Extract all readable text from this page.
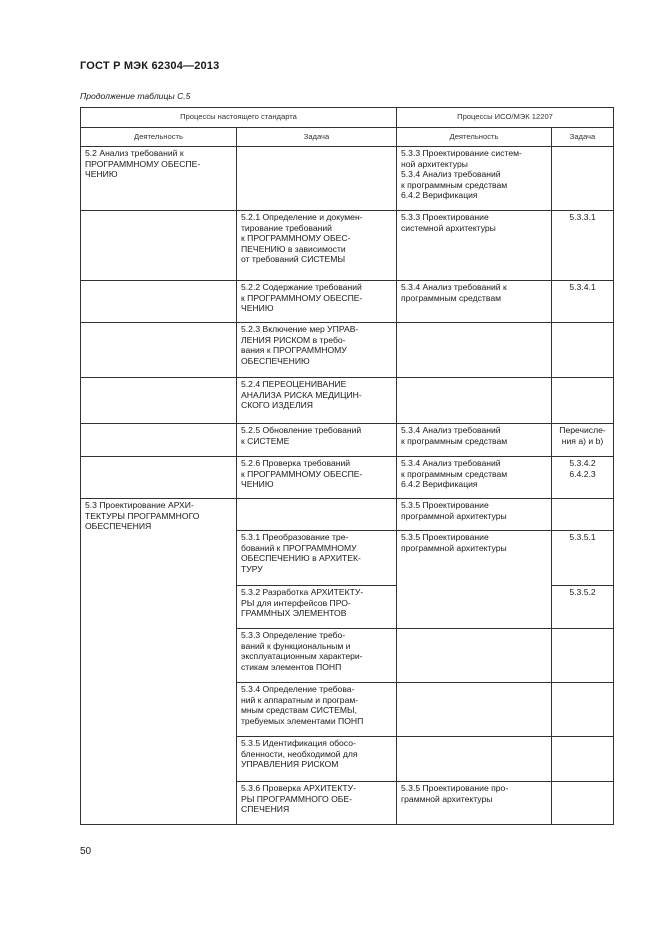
ГОСТ Р МЭК 62304—2013
Продолжение таблицы С.5
Процессы настоящего стандарта		Процессы ИСО/МЭК 12207	
Деятельность	Задача	Деятельность	Задача
5.2 Анализ требований к ПРОГРАММНОМУ ОБЕСПЕ-
ЧЕНИЮ		5.3.3 Проектирование систем-
ной архитектуры
5.3.4 Анализ требований
к программным средствам
6.4.2 Верификация	
	5.2.1 Определение и докумен-
тирование требований
к ПРОГРАММНОМУ ОБЕС-
ПЕЧЕНИЮ в зависимости
от требований СИСТЕМЫ	5.3.3 Проектирование
системной архитектуры	5.3.3.1
	5.2.2 Содержание требований
к ПРОГРАММНОМУ ОБЕСПЕ-
ЧЕНИЮ	5.3.4 Анализ требований к
программным средствам	5.3.4.1
	5.2.3 Включение мер УПРАВ-
ЛЕНИЯ РИСКОМ в требо-
вания к ПРОГРАММНОМУ
ОБЕСПЕЧЕНИЮ		
	5.2.4 ПЕРЕОЦЕНИВАНИЕ
АНАЛИЗА РИСКА МЕДИЦИН-
СКОГО ИЗДЕЛИЯ		
	5.2.5 Обновление требований
к СИСТЕМЕ	5.3.4 Анализ требований
к программным средствам	Перечисле-
ния а) и b)
	5.2.6 Проверка требований
к ПРОГРАММНОМУ ОБЕСПЕ-
ЧЕНИЮ	5.3.4 Анализ требований
к программным средствам
6.4.2 Верификация	5.3.4.2
6.4.2.3
5.3 Проектирование АРХИ-
ТЕКТУРЫ ПРОГРАММНОГО
ОБЕСПЕЧЕНИЯ		5.3.5 Проектирование
программной архитектуры	
	5.3.1 Преобразование тре-
бований к ПРОГРАММНОМУ
ОБЕСПЕЧЕНИЮ в АРХИТЕК-
ТУРУ	5.3.5 Проектирование
программной архитектуры	5.3.5.1
	5.3.2 Разработка АРХИТЕКТУ-
РЫ для интерфейсов ПРО-
ГРАММНЫХ ЭЛЕМЕНТОВ		5.3.5.2
	5.3.3 Определение требо-
ваний к функциональным и
эксплуатационным характери-
стикам элементов ПОНП		
	5.3.4 Определение требова-
ний к аппаратным и програм-
мным средствам СИСТЕМЫ,
требуемых элементами ПОНП		
	5.3.5 Идентификация обосо-
бленности, необходимой для
УПРАВЛЕНИЯ РИСКОМ		
	5.3.6 Проверка АРХИТЕКТУ-
РЫ ПРОГРАММНОГО ОБЕ-
СПЕЧЕНИЯ	5.3.5 Проектирование про-
граммной архитектуры	
50
